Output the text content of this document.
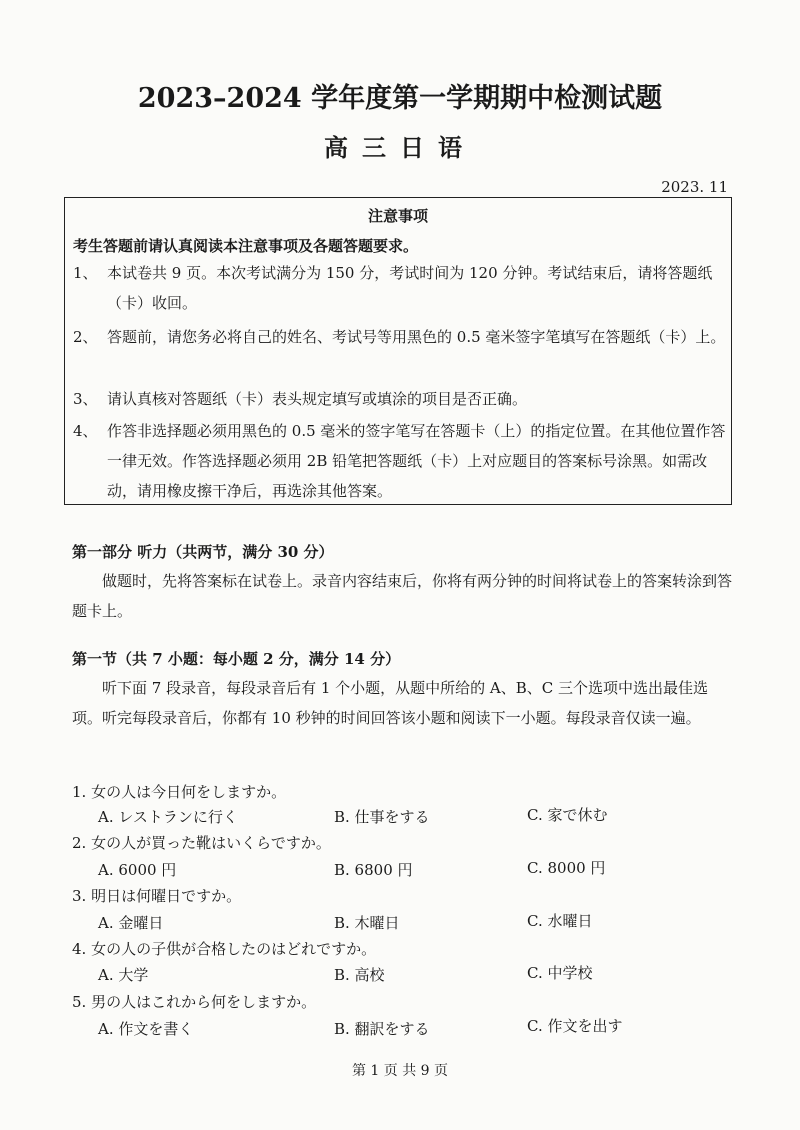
2023–2024 学年度第一学期期中检测试题
高三日语
2023. 11
注意事项
考生答题前请认真阅读本注意事项及各题答题要求。
1、 本试卷共 9 页。本次考试满分为 150 分，考试时间为 120 分钟。考试结束后，请将答题纸（卡）收回。
2、 答题前，请您务必将自己的姓名、考试号等用黑色的 0.5 毫米签字笔填写在答题纸（卡）上。
3、 请认真核对答题纸（卡）表头规定填写或填涂的项目是否正确。
4、 作答非选择题必须用黑色的 0.5 毫米的签字笔写在答题卡（上）的指定位置。在其他位置作答一律无效。作答选择题必须用 2B 铅笔把答题纸（卡）上对应题目的答案标号涂黑。如需改动，请用橡皮擦干净后，再选涂其他答案。
第一部分 听力（共两节，满分 30 分）
做题时，先将答案标在试卷上。录音内容结束后，你将有两分钟的时间将试卷上的答案转涂到答题卡上。
第一节（共 7 小题：每小题 2 分，满分 14 分）
听下面 7 段录音，每段录音后有 1 个小题，从题中所给的 A、B、C 三个选项中选出最佳选项。听完每段录音后，你都有 10 秒钟的时间回答该小题和阅读下一小题。每段录音仅读一遍。
1. 女の人は今日何をしますか。
A. レストランに行く	B. 仕事をする	C. 家で休む
2. 女の人が買った靴はいくらですか。
A. 6000 円	B. 6800 円	C. 8000 円
3. 明日は何曜日ですか。
A. 金曜日	B. 木曜日	C. 水曜日
4. 女の人の子供が合格したのはどれですか。
A. 大学	B. 高校	C. 中学校
5. 男の人はこれから何をしますか。
A. 作文を書く	B. 翻訳をする	C. 作文を出す
第 1 页 共 9 页
